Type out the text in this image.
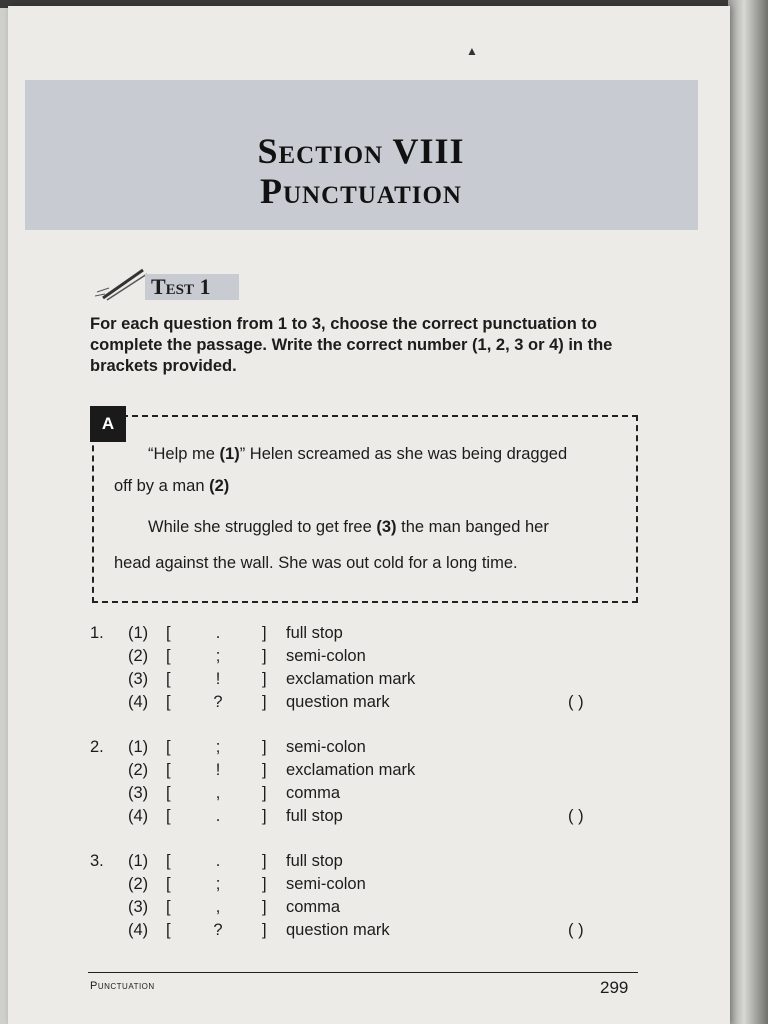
▲
Section VIII
Punctuation
Test 1
For each question from 1 to 3, choose the correct punctuation to complete the passage. Write the correct number (1, 2, 3 or 4) in the brackets provided.
A
“Help me (1)” Helen screamed as she was being dragged
off by a man (2)
While she struggled to get free (3) the man banged her
head against the wall. She was out cold for a long time.
1. (1) [	.	] full stop
(2) [	;	] semi-colon
(3) [	!	] exclamation mark
(4) [	?	] question mark	( )
2. (1) [	;	] semi-colon
(2) [	!	] exclamation mark
(3) [	,	] comma
(4) [	.	] full stop	( )
3. (1) [	.	] full stop
(2) [	;	] semi-colon
(3) [	,	] comma
(4) [	?	] question mark	( )
Punctuation	299
